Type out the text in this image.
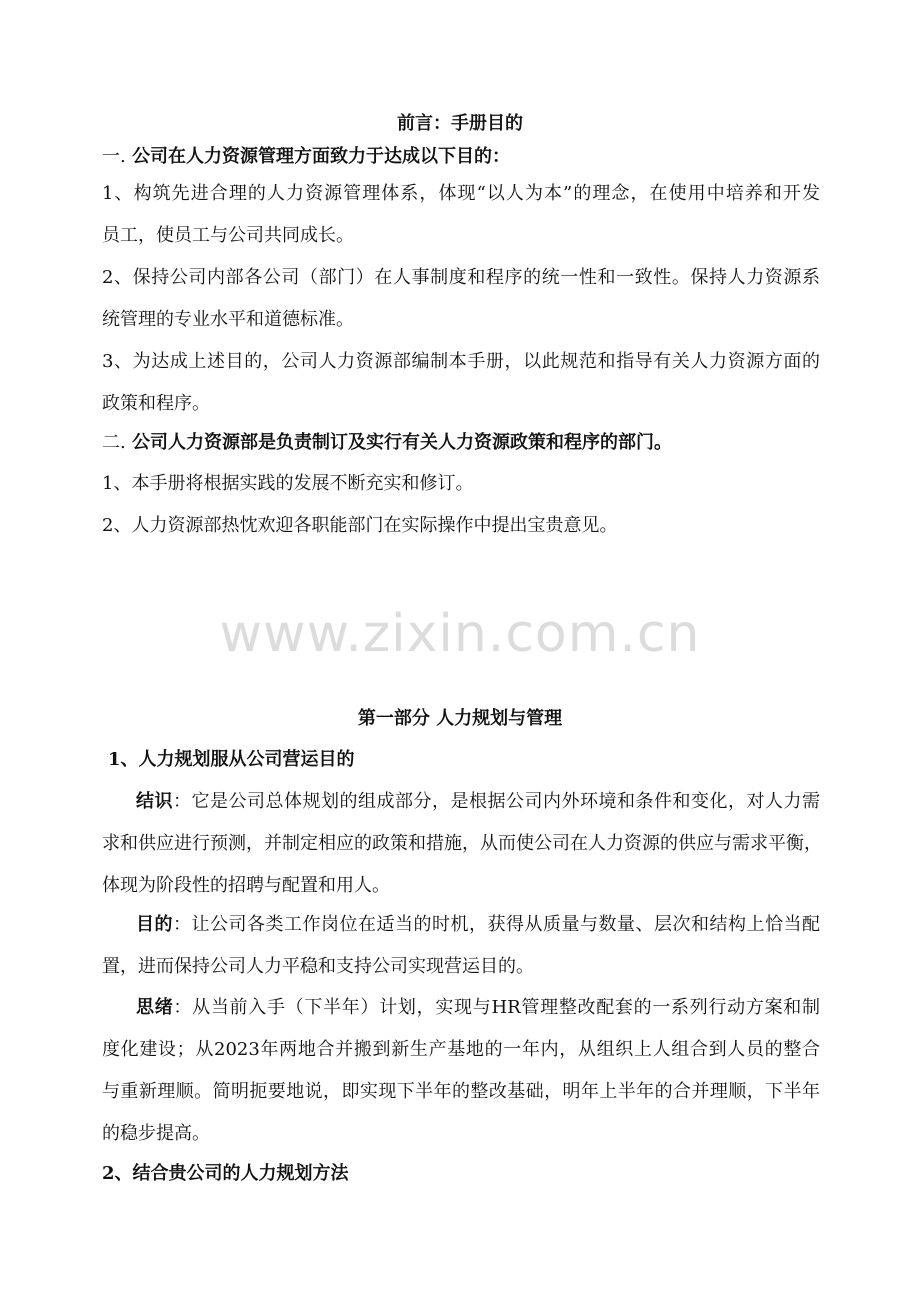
前言：手册目的
一. 公司在人力资源管理方面致力于达成以下目的：
1、构筑先进合理的人力资源管理体系，体现“以人为本”的理念，在使用中培养和开发
员工，使员工与公司共同成长。
2、保持公司内部各公司（部门）在人事制度和程序的统一性和一致性。保持人力资源系
统管理的专业水平和道德标准。
3、为达成上述目的，公司人力资源部编制本手册，以此规范和指导有关人力资源方面的
政策和程序。
二. 公司人力资源部是负责制订及实行有关人力资源政策和程序的部门。
1、本手册将根据实践的发展不断充实和修订。
2、人力资源部热忱欢迎各职能部门在实际操作中提出宝贵意见。
www.zixin.com.cn
第一部分 人力规划与管理
1、人力规划服从公司营运目的
结识：它是公司总体规划的组成部分，是根据公司内外环境和条件和变化，对人力需
求和供应进行预测，并制定相应的政策和措施，从而使公司在人力资源的供应与需求平衡，
体现为阶段性的招聘与配置和用人。
目的：让公司各类工作岗位在适当的时机，获得从质量与数量、层次和结构上恰当配
置，进而保持公司人力平稳和支持公司实现营运目的。
思绪：从当前入手（下半年）计划，实现与HR管理整改配套的一系列行动方案和制
度化建设；从2023年两地合并搬到新生产基地的一年内，从组织上人组合到人员的整合
与重新理顺。简明扼要地说，即实现下半年的整改基础，明年上半年的合并理顺，下半年
的稳步提高。
2、结合贵公司的人力规划方法
